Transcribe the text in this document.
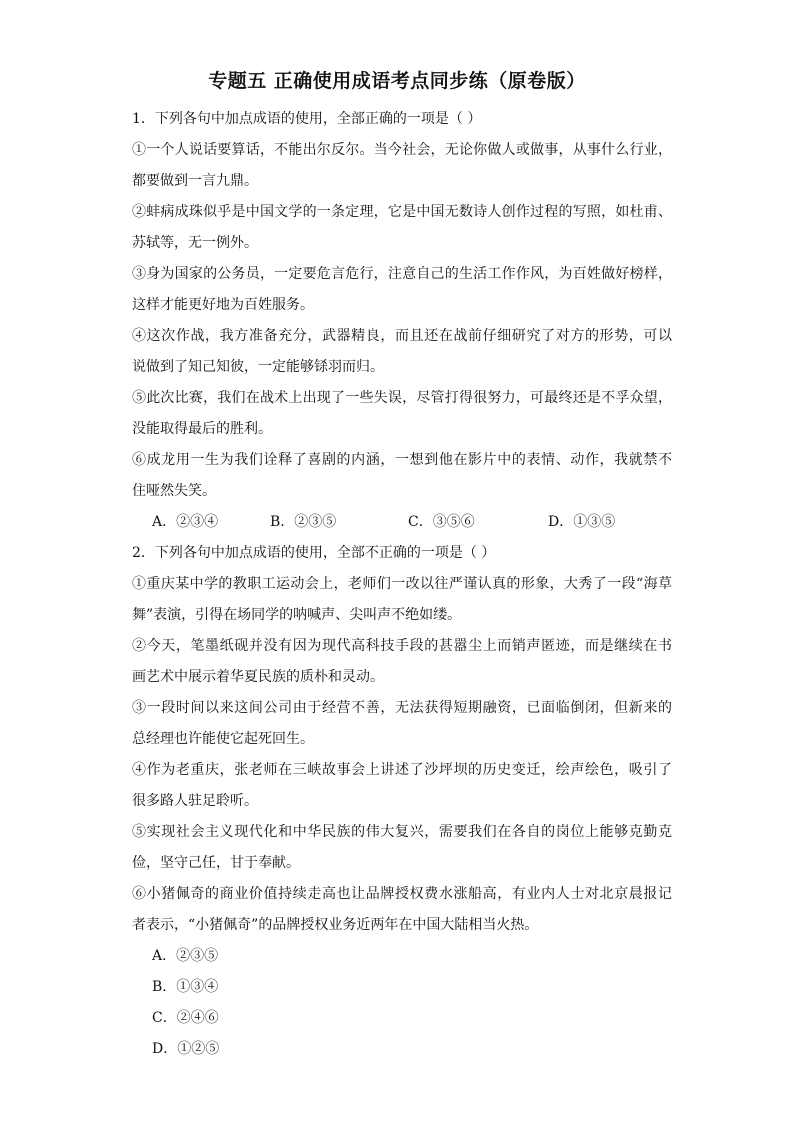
专题五 正确使用成语考点同步练（原卷版）
1．下列各句中加点成语的使用，全部正确的一项是（ ）
①一个人说话要算话，不能出尔反尔。当今社会，无论你做人或做事，从事什么行业，
都要做到一言九鼎。
②蚌病成珠似乎是中国文学的一条定理，它是中国无数诗人创作过程的写照，如杜甫、
苏轼等，无一例外。
③身为国家的公务员，一定要危言危行，注意自己的生活工作作风，为百姓做好榜样，
这样才能更好地为百姓服务。
④这次作战，我方准备充分，武器精良，而且还在战前仔细研究了对方的形势，可以
说做到了知己知彼，一定能够铩羽而归。
⑤此次比赛，我们在战术上出现了一些失误，尽管打得很努力，可最终还是不孚众望，
没能取得最后的胜利。
⑥成龙用一生为我们诠释了喜剧的内涵，一想到他在影片中的表情、动作，我就禁不
住哑然失笑。
A．②③④	B．②③⑤	C．③⑤⑥	D．①③⑤
2．下列各句中加点成语的使用，全部不正确的一项是（ ）
①重庆某中学的教职工运动会上，老师们一改以往严谨认真的形象，大秀了一段“海草
舞”表演，引得在场同学的呐喊声、尖叫声不绝如缕。
②今天，笔墨纸砚并没有因为现代高科技手段的甚嚣尘上而销声匿迹，而是继续在书
画艺术中展示着华夏民族的质朴和灵动。
③一段时间以来这间公司由于经营不善，无法获得短期融资，已面临倒闭，但新来的
总经理也许能使它起死回生。
④作为老重庆，张老师在三峡故事会上讲述了沙坪坝的历史变迁，绘声绘色，吸引了
很多路人驻足聆听。
⑤实现社会主义现代化和中华民族的伟大复兴，需要我们在各自的岗位上能够克勤克
俭，坚守己任，甘于奉献。
⑥小猪佩奇的商业价值持续走高也让品牌授权费水涨船高，有业内人士对北京晨报记
者表示，“小猪佩奇”的品牌授权业务近两年在中国大陆相当火热。
A．②③⑤
B．①③④
C．②④⑥
D．①②⑤
